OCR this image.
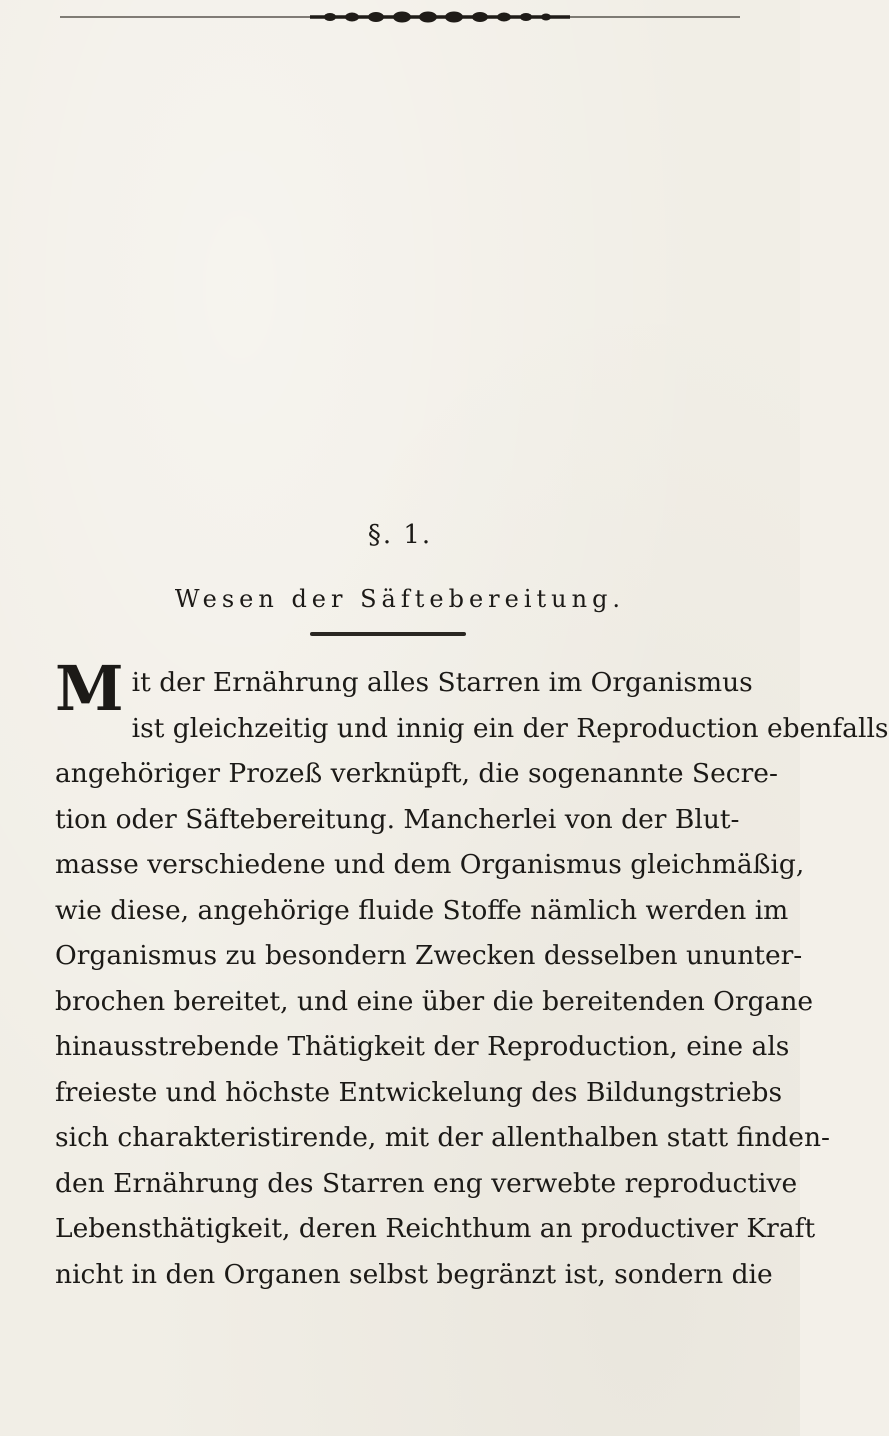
§. 1.
Wesen der Säftebereitung.
M it der Ernährung alles Starren im Organismus
ist gleichzeitig und innig ein der Reproduction ebenfalls
angehöriger Prozeß verknüpft, die sogenannte Secre-
tion oder Säftebereitung. Mancherlei von der Blut-
masse verschiedene und dem Organismus gleichmäßig,
wie diese, angehörige fluide Stoffe nämlich werden im
Organismus zu besondern Zwecken desselben ununter-
brochen bereitet, und eine über die bereitenden Organe
hinausstrebende Thätigkeit der Reproduction, eine als
freieste und höchste Entwickelung des Bildungstriebs
sich charakteristirende, mit der allenthalben statt finden-
den Ernährung des Starren eng verwebte reproductive
Lebensthätigkeit, deren Reichthum an productiver Kraft
nicht in den Organen selbst begränzt ist, sondern die
